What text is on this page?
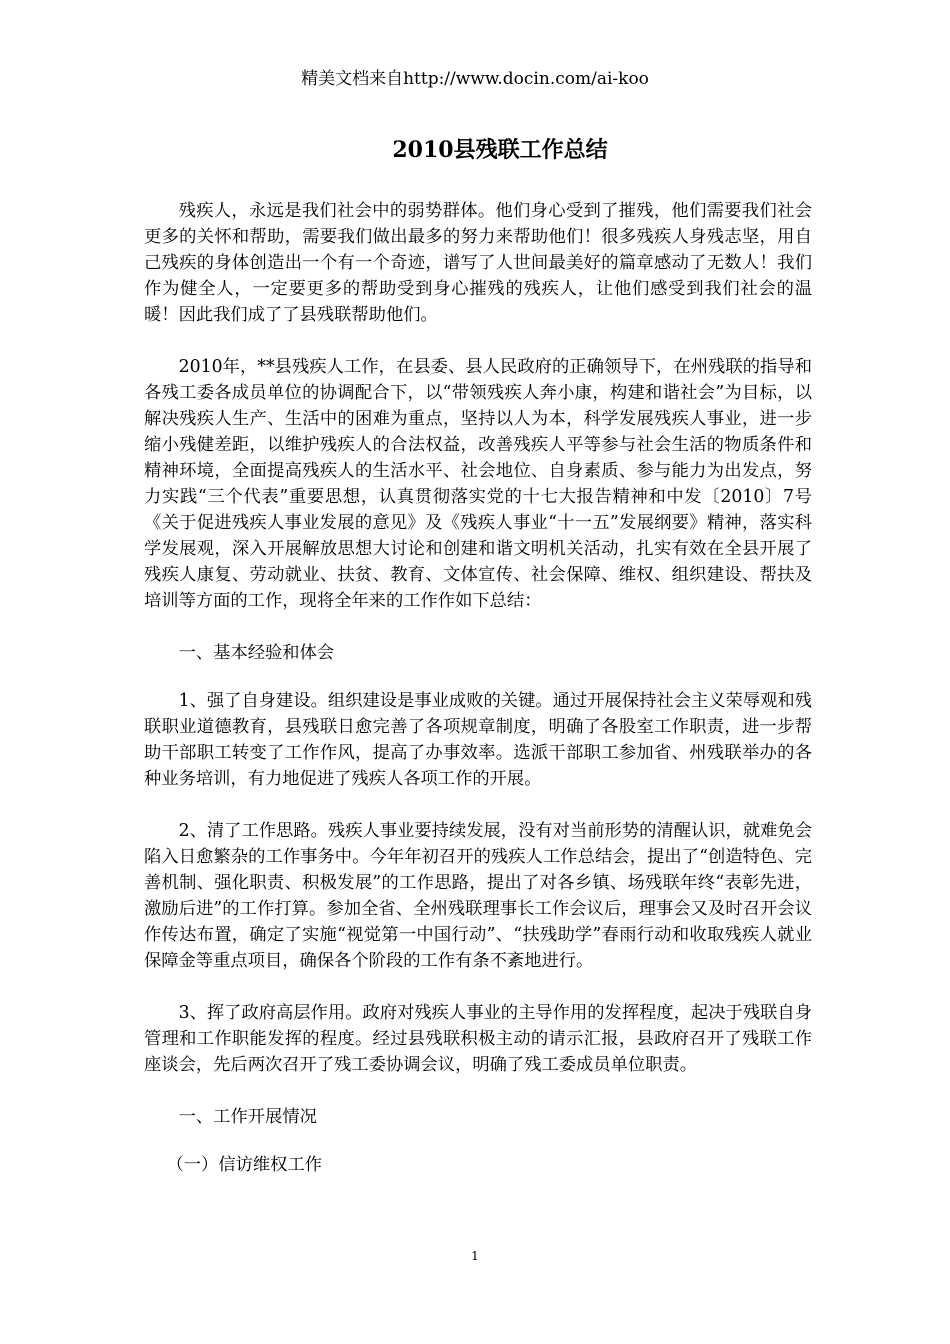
精美文档来自http://www.docin.com/ai-koo
2010县残联工作总结

残疾人，永远是我们社会中的弱势群体。他们身心受到了摧残，他们需要我们社会更多的关怀和帮助，需要我们做出最多的努力来帮助他们！很多残疾人身残志坚，用自己残疾的身体创造出一个有一个奇迹，谱写了人世间最美好的篇章感动了无数人！我们作为健全人，一定要更多的帮助受到身心摧残的残疾人，让他们感受到我们社会的温暖！因此我们成了了县残联帮助他们。

2010年，**县残疾人工作，在县委、县人民政府的正确领导下，在州残联的指导和各残工委各成员单位的协调配合下，以“带领残疾人奔小康，构建和谐社会”为目标，以解决残疾人生产、生活中的困难为重点，坚持以人为本，科学发展残疾人事业，进一步缩小残健差距，以维护残疾人的合法权益，改善残疾人平等参与社会生活的物质条件和精神环境，全面提高残疾人的生活水平、社会地位、自身素质、参与能力为出发点，努力实践“三个代表”重要思想，认真贯彻落实党的十七大报告精神和中发〔2010〕7号《关于促进残疾人事业发展的意见》及《残疾人事业“十一五”发展纲要》精神，落实科学发展观，深入开展解放思想大讨论和创建和谐文明机关活动，扎实有效在全县开展了残疾人康复、劳动就业、扶贫、教育、文体宣传、社会保障、维权、组织建设、帮扶及培训等方面的工作，现将全年来的工作作如下总结：

一、基本经验和体会

1、强了自身建设。组织建设是事业成败的关键。通过开展保持社会主义荣辱观和残联职业道德教育，县残联日愈完善了各项规章制度，明确了各股室工作职责，进一步帮助干部职工转变了工作作风，提高了办事效率。选派干部职工参加省、州残联举办的各种业务培训，有力地促进了残疾人各项工作的开展。

2、清了工作思路。残疾人事业要持续发展，没有对当前形势的清醒认识，就难免会陷入日愈繁杂的工作事务中。今年年初召开的残疾人工作总结会，提出了“创造特色、完善机制、强化职责、积极发展”的工作思路，提出了对各乡镇、场残联年终“表彰先进，激励后进”的工作打算。参加全省、全州残联理事长工作会议后，理事会又及时召开会议作传达布置，确定了实施“视觉第一中国行动”、“扶残助学”春雨行动和收取残疾人就业保障金等重点项目，确保各个阶段的工作有条不紊地进行。

3、挥了政府高层作用。政府对残疾人事业的主导作用的发挥程度，起决于残联自身管理和工作职能发挥的程度。经过县残联积极主动的请示汇报，县政府召开了残联工作座谈会，先后两次召开了残工委协调会议，明确了残工委成员单位职责。

一、工作开展情况

（一）信访维权工作

1
